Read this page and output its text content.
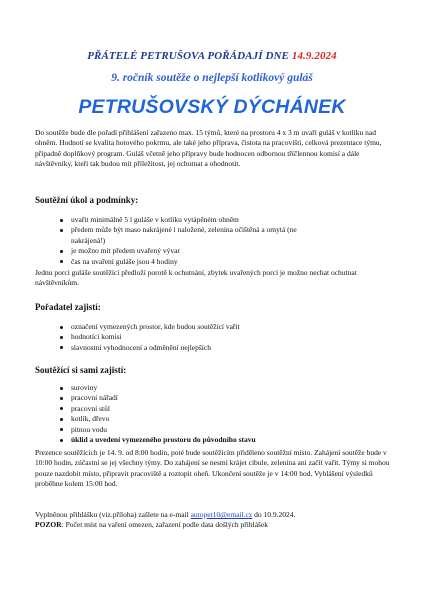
PŘÁTELÉ PETRUŠOVA POŘÁDAJÍ DNE 14.9.2024
9. ročník soutěže o nejlepší kotlíkový guláš
PETRUŠOVSKÝ DÝCHÁNEK
Do soutěže bude dle pořadí přihlášení zařazeno max. 15 týmů, které na prostoru 4 x 3 m uvaří guláš v kotlíku nad ohněm. Hodnotí se kvalita hotového pokrmu, ale také jeho příprava, čistota na pracovišti, celková prezentace týmu, případně doplňkový program. Guláš včetně jeho přípravy bude hodnocen odbornou tříčlennou komisí a dále návštěvníky, kteří tak budou mít příležitost, jej ochutnat a ohodnotit.
Soutěžní úkol a podmínky:
uvařit minimálně 5 l guláše v kotlíku vytápěném ohněm
předem může být maso nakrájené i naložené, zelenina očištěná a omytá (ne
nakrájená!)
je možno mít předem uvařený vývar
čas na uvaření guláše jsou 4 hodiny
Jednu porci guláše soutěžící předloží porotě k ochutnání, zbytek uvařených porcí je možno nechat ochutnat návštěvníkům.
Pořadatel zajistí:
označení vymezených prostor, kde budou soutěžící vařit
hodnotící komisi
slavnostní vyhodnocení a odměnění nejlepších
Soutěžící si sami zajistí:
suroviny
pracovní nářadí
pracovní stůl
kotlík, dřevo
pitnou vodu
úklid a uvedení vymezeného prostoru do původního stavu
Prezence soutěžících je 14. 9. od 8:00 hodin, poté bude soutěžícím přiděleno soutěžní místo. Zahájení soutěže bude v 10:00 hodin, zúčastní se jej všechny týmy. Do zahájení se nesmí krájet cibule, zelenina ani začít vařit. Týmy si mohou pouze nazdobit místo, připravit pracoviště a roztopit oheň. Ukončení soutěže je v 14:00 hod. Vyhlášení výsledků proběhne kolem 15:00 hod.
Vyplněnou přihlášku (viz.příloha) zašlete na e-mail autopet10@email.cz do 10.9.2024.
POZOR: Počet míst na vaření omezen, zařazení podle data došlých přihlášek
